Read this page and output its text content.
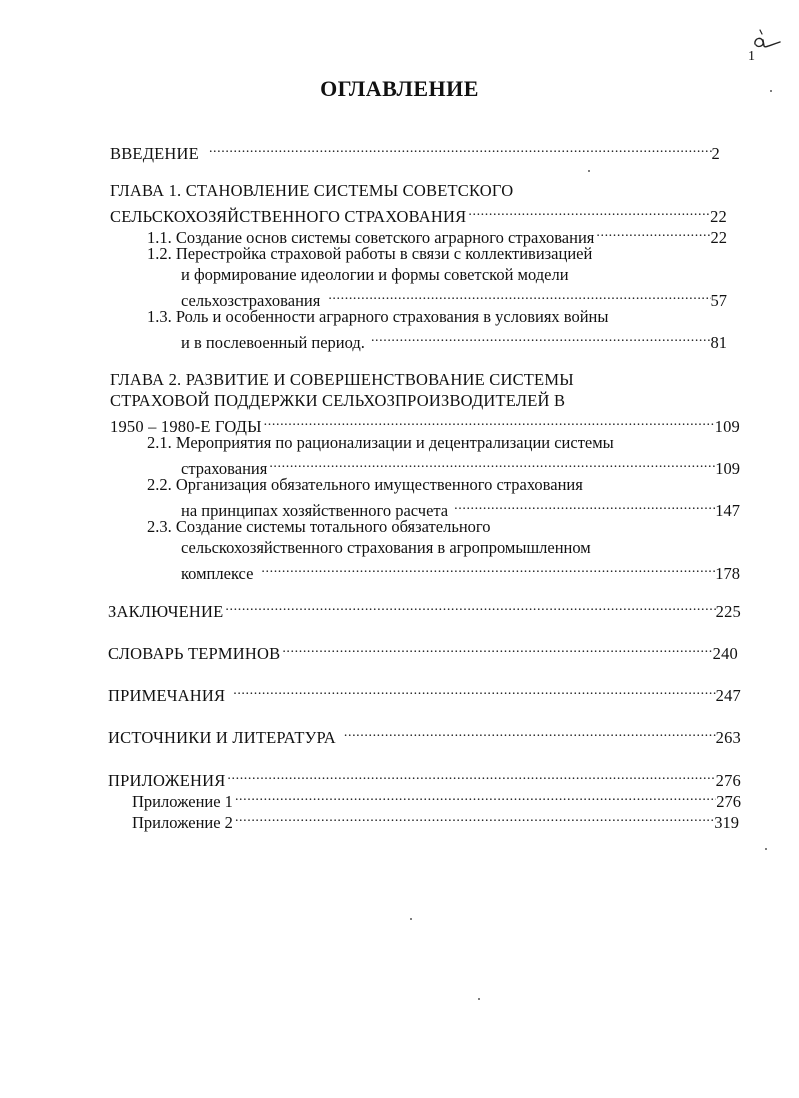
1
ОГЛАВЛЕНИЕ
ВВЕДЕНИЕ .....	2
ГЛАВА 1. СТАНОВЛЕНИЕ СИСТЕМЫ СОВЕТСКОГО
СЕЛЬСКОХОЗЯЙСТВЕННОГО СТРАХОВАНИЯ .....	22
1.1. Создание основ системы советского аграрного страхования .....	22
1.2. Перестройка страховой работы в связи с коллективизацией
и формирование идеологии и формы советской модели
сельхозстрахования .....	57
1.3. Роль и особенности аграрного страхования в условиях войны
и в послевоенный период. .....	81
ГЛАВА 2. РАЗВИТИЕ И СОВЕРШЕНСТВОВАНИЕ СИСТЕМЫ
СТРАХОВОЙ ПОДДЕРЖКИ СЕЛЬХОЗПРОИЗВОДИТЕЛЕЙ В
1950 – 1980-Е ГОДЫ .....	109
2.1. Мероприятия по рационализации и децентрализации системы
страхования .....	109
2.2. Организация обязательного имущественного страхования
на принципах хозяйственного расчета .....	147
2.3. Создание системы тотального обязательного
сельскохозяйственного страхования в агропромышленном
комплексе .....	178
ЗАКЛЮЧЕНИЕ .....	225
СЛОВАРЬ ТЕРМИНОВ .....	240
ПРИМЕЧАНИЯ .....	247
ИСТОЧНИКИ И ЛИТЕРАТУРА .....	263
ПРИЛОЖЕНИЯ .....	276
Приложение 1 .....	276
Приложение 2 .....	319
